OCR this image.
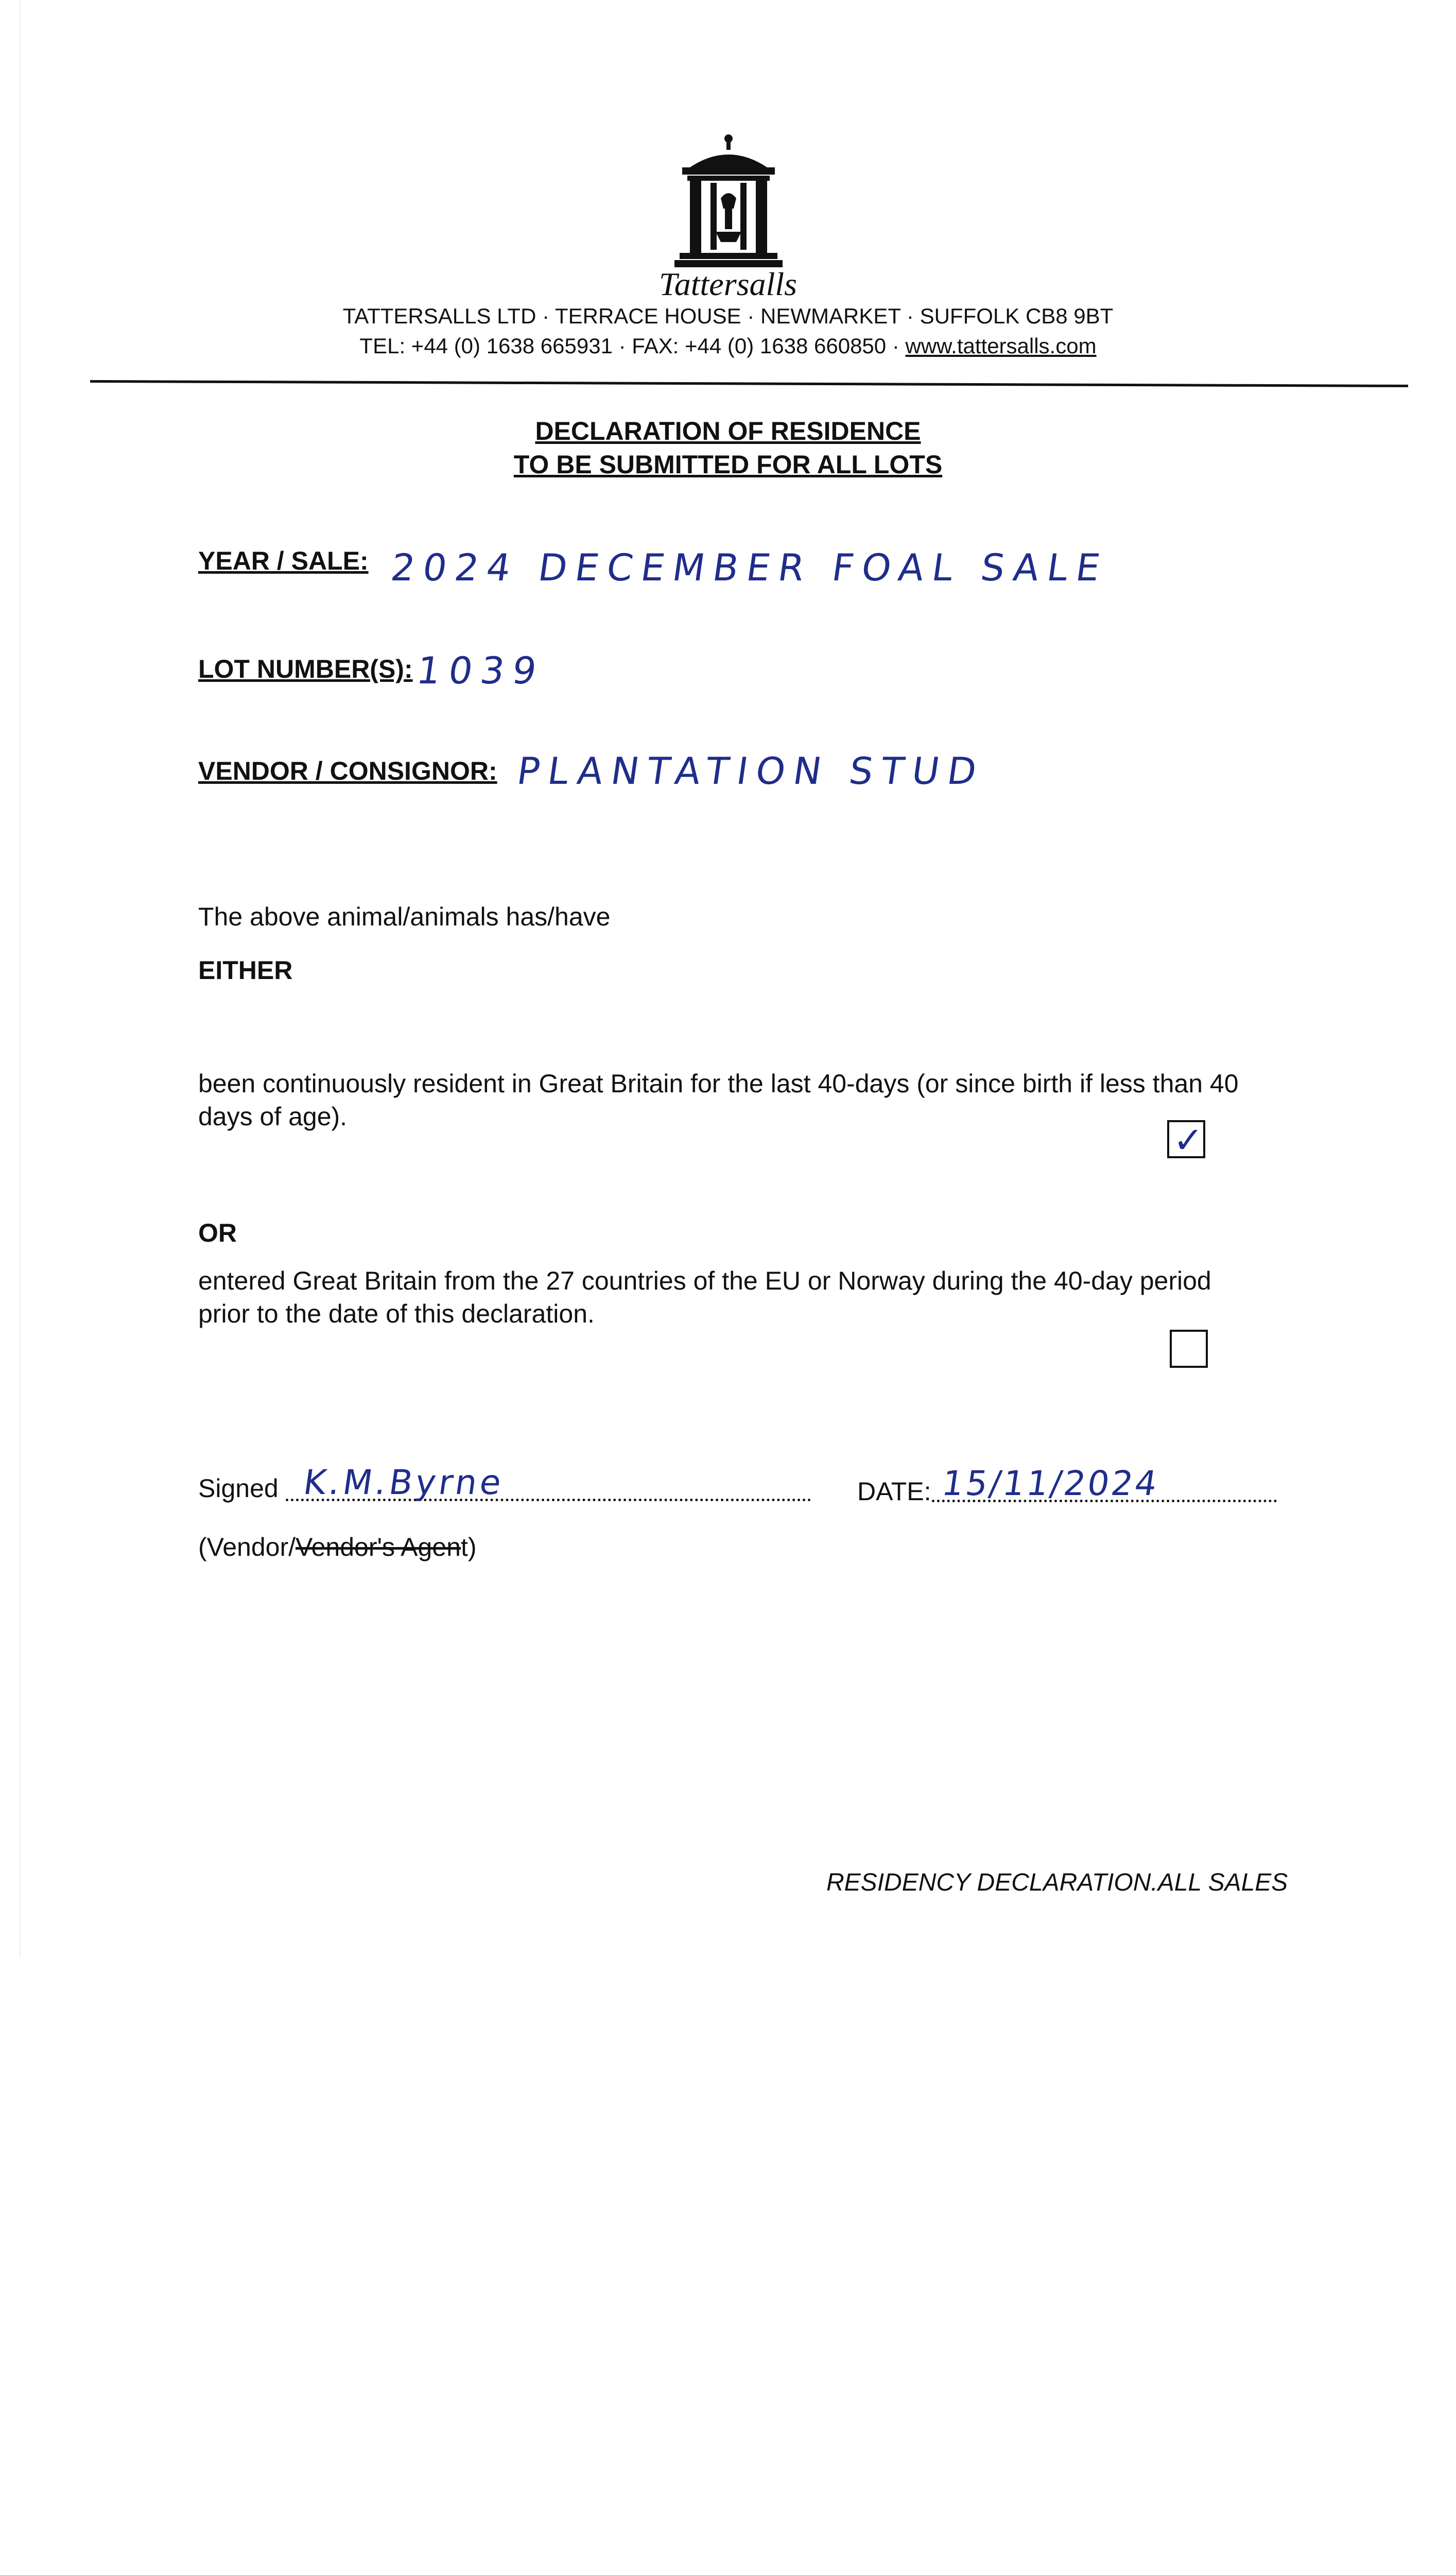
Tattersalls
TATTERSALLS LTD · TERRACE HOUSE · NEWMARKET · SUFFOLK CB8 9BT
TEL: +44 (0) 1638 665931 · FAX: +44 (0) 1638 660850 · www.tattersalls.com
DECLARATION OF RESIDENCE
TO BE SUBMITTED FOR ALL LOTS
YEAR / SALE: 2024 DECEMBER FOAL SALE
LOT NUMBER(S): 1039
VENDOR / CONSIGNOR: PLANTATION STUD
The above animal/animals has/have
EITHER
been continuously resident in Great Britain for the last 40-days (or since birth if less than 40
days of age).
✓
OR
entered Great Britain from the 27 countries of the EU or Norway during the 40-day period
prior to the date of this declaration.
Signed K.M.Byrne	DATE: 15/11/2024
(Vendor/Vendor's Agent)
RESIDENCY DECLARATION.ALL SALES
